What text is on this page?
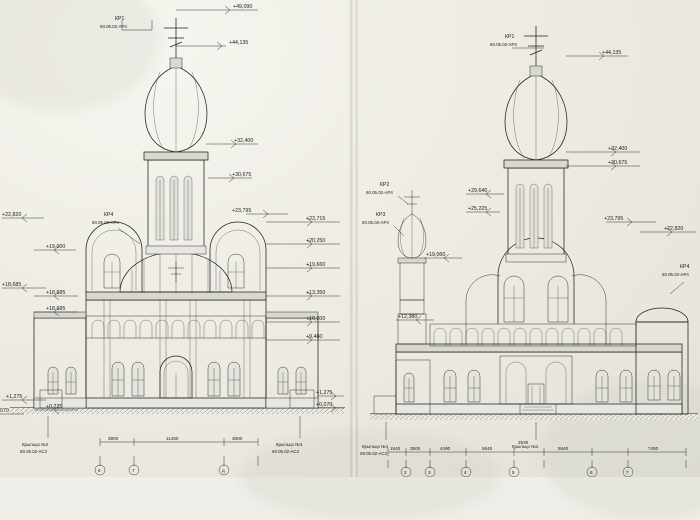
+49,090
+44,135
+32,400
+30,675
+23,795
+23,715
+20,250
+19,660
+13,350
+10,200
+9,460
+1,275
+0,070
+22,820
+19,000
+18,685
+18,685
+18,685
+1,275
+0,225
070
КР1
60.05.02-АР4
КР4
60.05.02-АР4
Крыльцо №2
60.05.02-АС3
Крыльцо №3
60.05.02-АС3
3900	11450	3900
6	7	д
+29,640
+25,225
+19,060
+12,380
+44,135
+32,400
+30,675
+23,795
+22,820
КР1
60.05.02-АР4
КР2
60.05.02-АР4
КР3
60.05.02-АР4
КР4
60.05.02-АР4
Крыльцо №1
08.05.02-АС3
Крыльцо №2
1940 3500	4490	5840
2530
5840	7450
2	3	4	5	6	7
